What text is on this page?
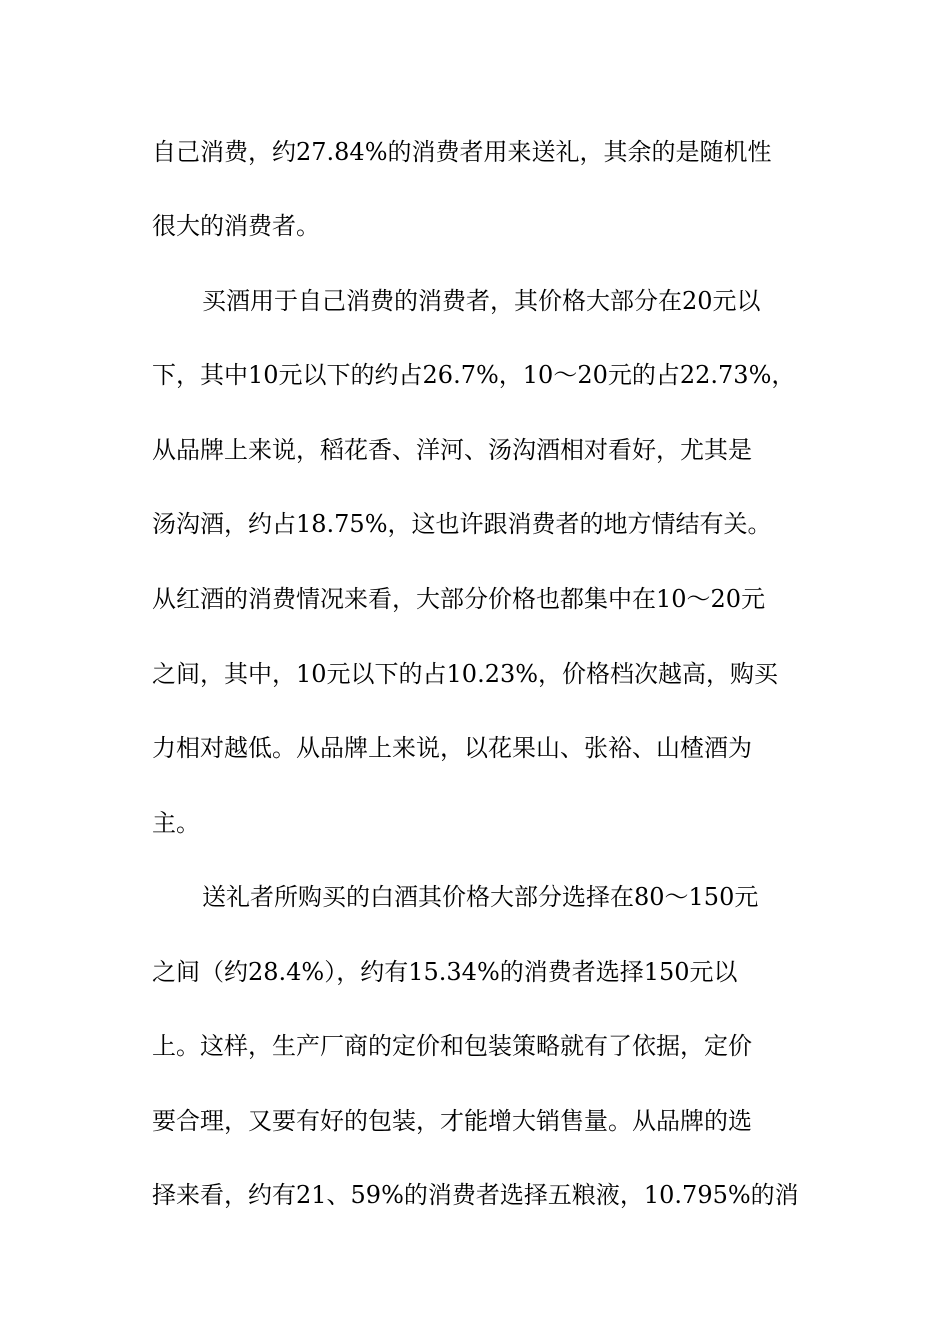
自己消费，约27.84%的消费者用来送礼，其余的是随机性
很大的消费者。
买酒用于自己消费的消费者，其价格大部分在20元以
下，其中10元以下的约占26.7%，10～20元的占22.73%，
从品牌上来说，稻花香、洋河、汤沟酒相对看好，尤其是
汤沟酒，约占18.75%，这也许跟消费者的地方情结有关。
从红酒的消费情况来看，大部分价格也都集中在10～20元
之间，其中，10元以下的占10.23%，价格档次越高，购买
力相对越低。从品牌上来说，以花果山、张裕、山楂酒为
主。
送礼者所购买的白酒其价格大部分选择在80～150元
之间（约28.4%），约有15.34%的消费者选择150元以
上。这样，生产厂商的定价和包装策略就有了依据，定价
要合理，又要有好的包装，才能增大销售量。从品牌的选
择来看，约有21、59%的消费者选择五粮液，10.795%的消
